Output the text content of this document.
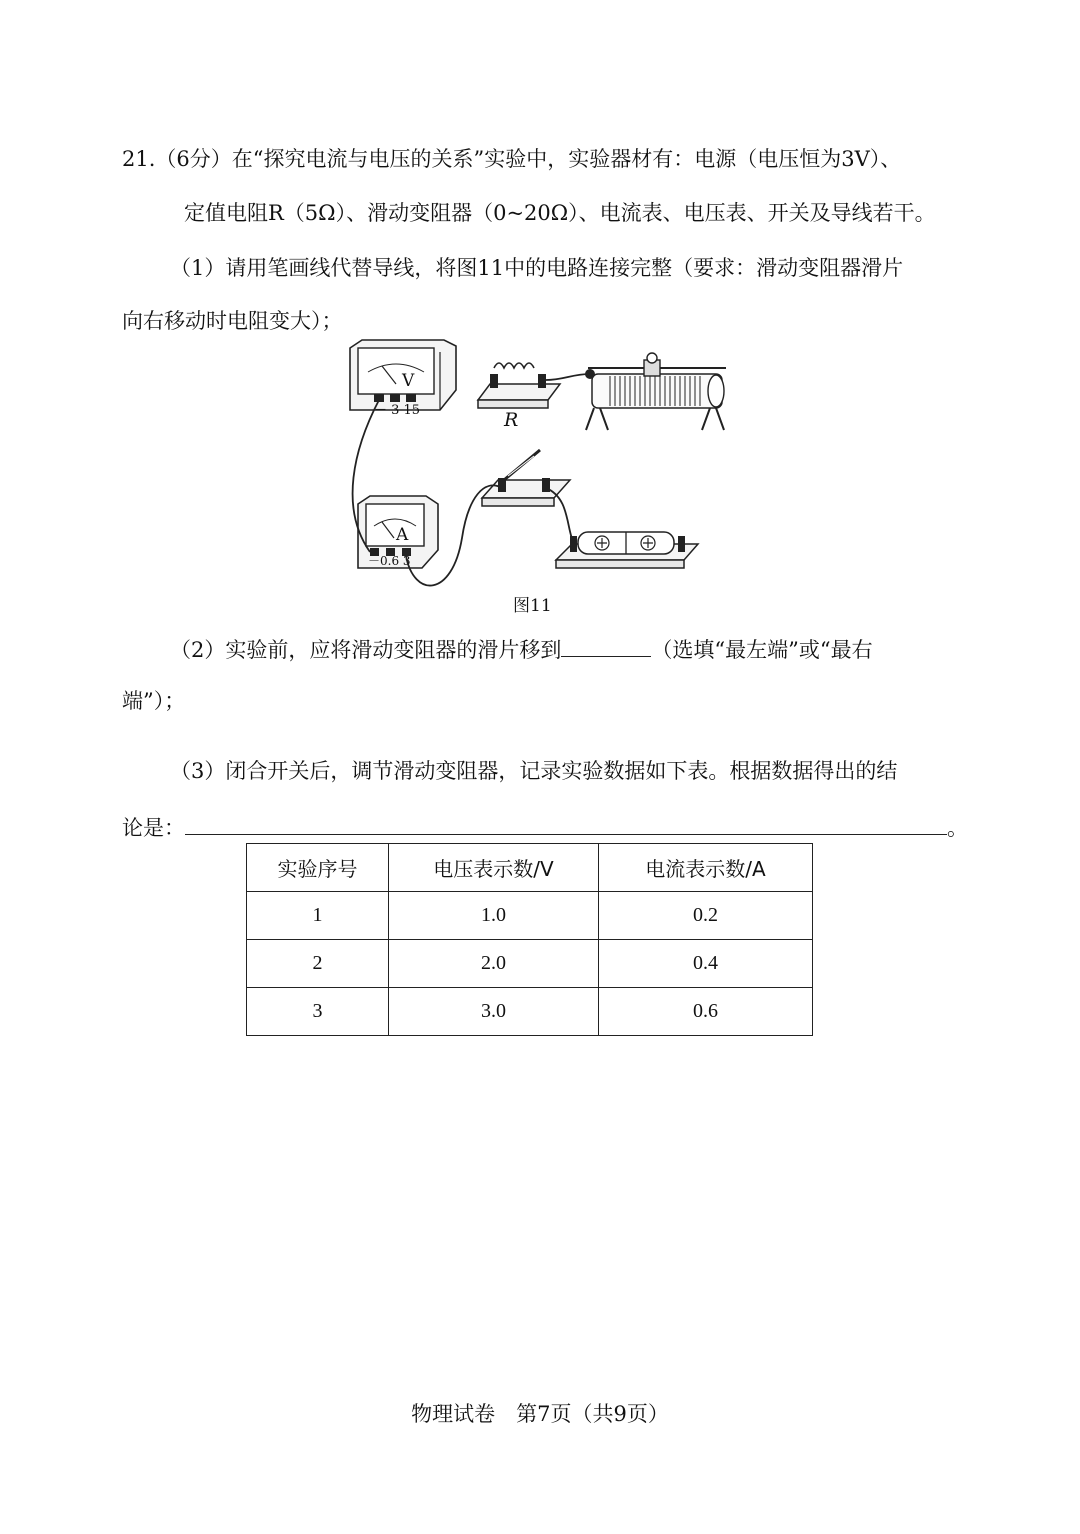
21.（6分）在“探究电流与电压的关系”实验中，实验器材有：电源（电压恒为3V）、
定值电阻R（5Ω）、滑动变阻器（0~20Ω）、电流表、电压表、开关及导线若干。
（1）请用笔画线代替导线，将图11中的电路连接完整（要求：滑动变阻器滑片
向右移动时电阻变大）；
V
－ 3 15	R
A
－0.6 3
图11
（2）实验前，应将滑动变阻器的滑片移到	（选填“最左端”或“最右
端”）；
（3）闭合开关后，调节滑动变阻器，记录实验数据如下表。根据数据得出的结
论是：	。
实验序号	电压表示数/V	电流表示数/A
1	1.0	0.2
2	2.0	0.4
3	3.0	0.6
物理试卷　第7页（共9页）
